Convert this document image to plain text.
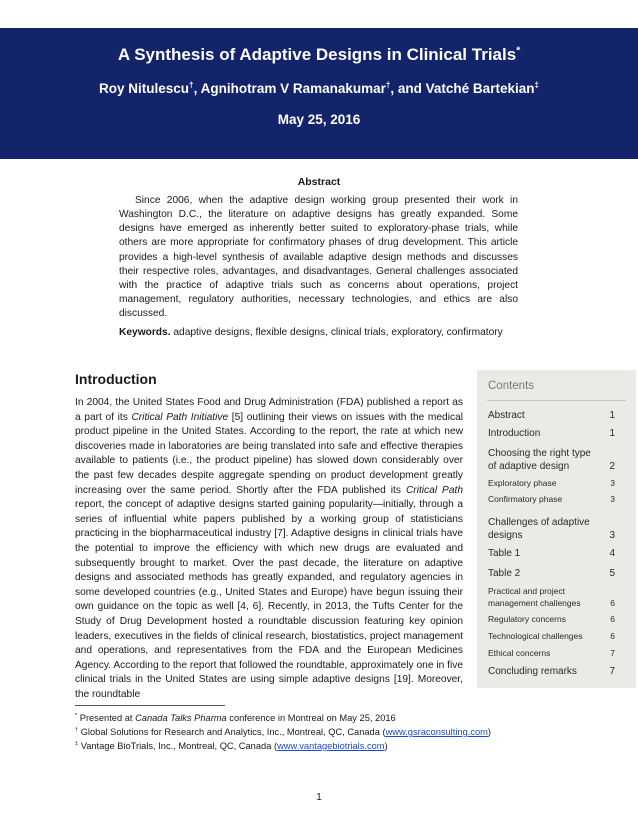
A Synthesis of Adaptive Designs in Clinical Trials*
Roy Nitulescu†, Agnihotram V Ramanakumar†, and Vatché Bartekian‡
May 25, 2016
Abstract

Since 2006, when the adaptive design working group presented their work in Washington D.C., the literature on adaptive designs has greatly expanded. Some designs have emerged as inherently better suited to exploratory-phase trials, while others are more appropriate for confirmatory phases of drug development. This article provides a high-level synthesis of available adaptive design methods and discusses their respective roles, advantages, and disadvantages. General challenges associated with the practice of adaptive trials such as concerns about operations, project management, regulatory authorities, necessary technologies, and ethics are also discussed.

Keywords. adaptive designs, flexible designs, clinical trials, exploratory, confirmatory
Introduction

In 2004, the United States Food and Drug Administration (FDA) published a report as a part of its Critical Path Initiative [5] outlining their views on issues with the medical product pipeline in the United States. According to the report, the rate at which new discoveries made in laboratories are being translated into safe and effective therapies available to patients (i.e., the product pipeline) has slowed down considerably over the past few decades despite aggregate spending on product development greatly increasing over the same period. Shortly after the FDA published its Critical Path report, the concept of adaptive designs started gaining popularity—initially, through a series of influential white papers published by a working group of statisticians practicing in the biopharmaceutical industry [7]. Adaptive designs in clinical trials have the potential to improve the efficiency with which new drugs are evaluated and subsequently brought to market. Over the past decade, the literature on adaptive designs and associated methods has greatly expanded, and regulatory agencies in some developed countries (e.g., United States and Europe) have begun issuing their own guidance on the topic as well [4, 6]. Recently, in 2013, the Tufts Center for the Study of Drug Development hosted a roundtable discussion featuring key opinion leaders, executives in the fields of clinical research, biostatistics, project management and operations, and representatives from the FDA and the European Medicines Agency. According to the report that followed the roundtable, approximately one in five clinical trials in the United States are using simple adaptive designs [19]. Moreover, the roundtable

Contents
Abstract	1
Introduction	1
Choosing the right type of adaptive design	2
Exploratory phase	3
Confirmatory phase	3
Challenges of adaptive designs	3
Table 1	4
Table 2	5
Practical and project management challenges	6
Regulatory concerns	6
Technological challenges	6
Ethical concerns	7
Concluding remarks	7
* Presented at Canada Talks Pharma conference in Montreal on May 25, 2016
† Global Solutions for Research and Analytics, Inc., Montreal, QC, Canada (www.gsraconsulting.com)
‡ Vantage BioTrials, Inc., Montreal, QC, Canada (www.vantagebiotrials.com)
1
